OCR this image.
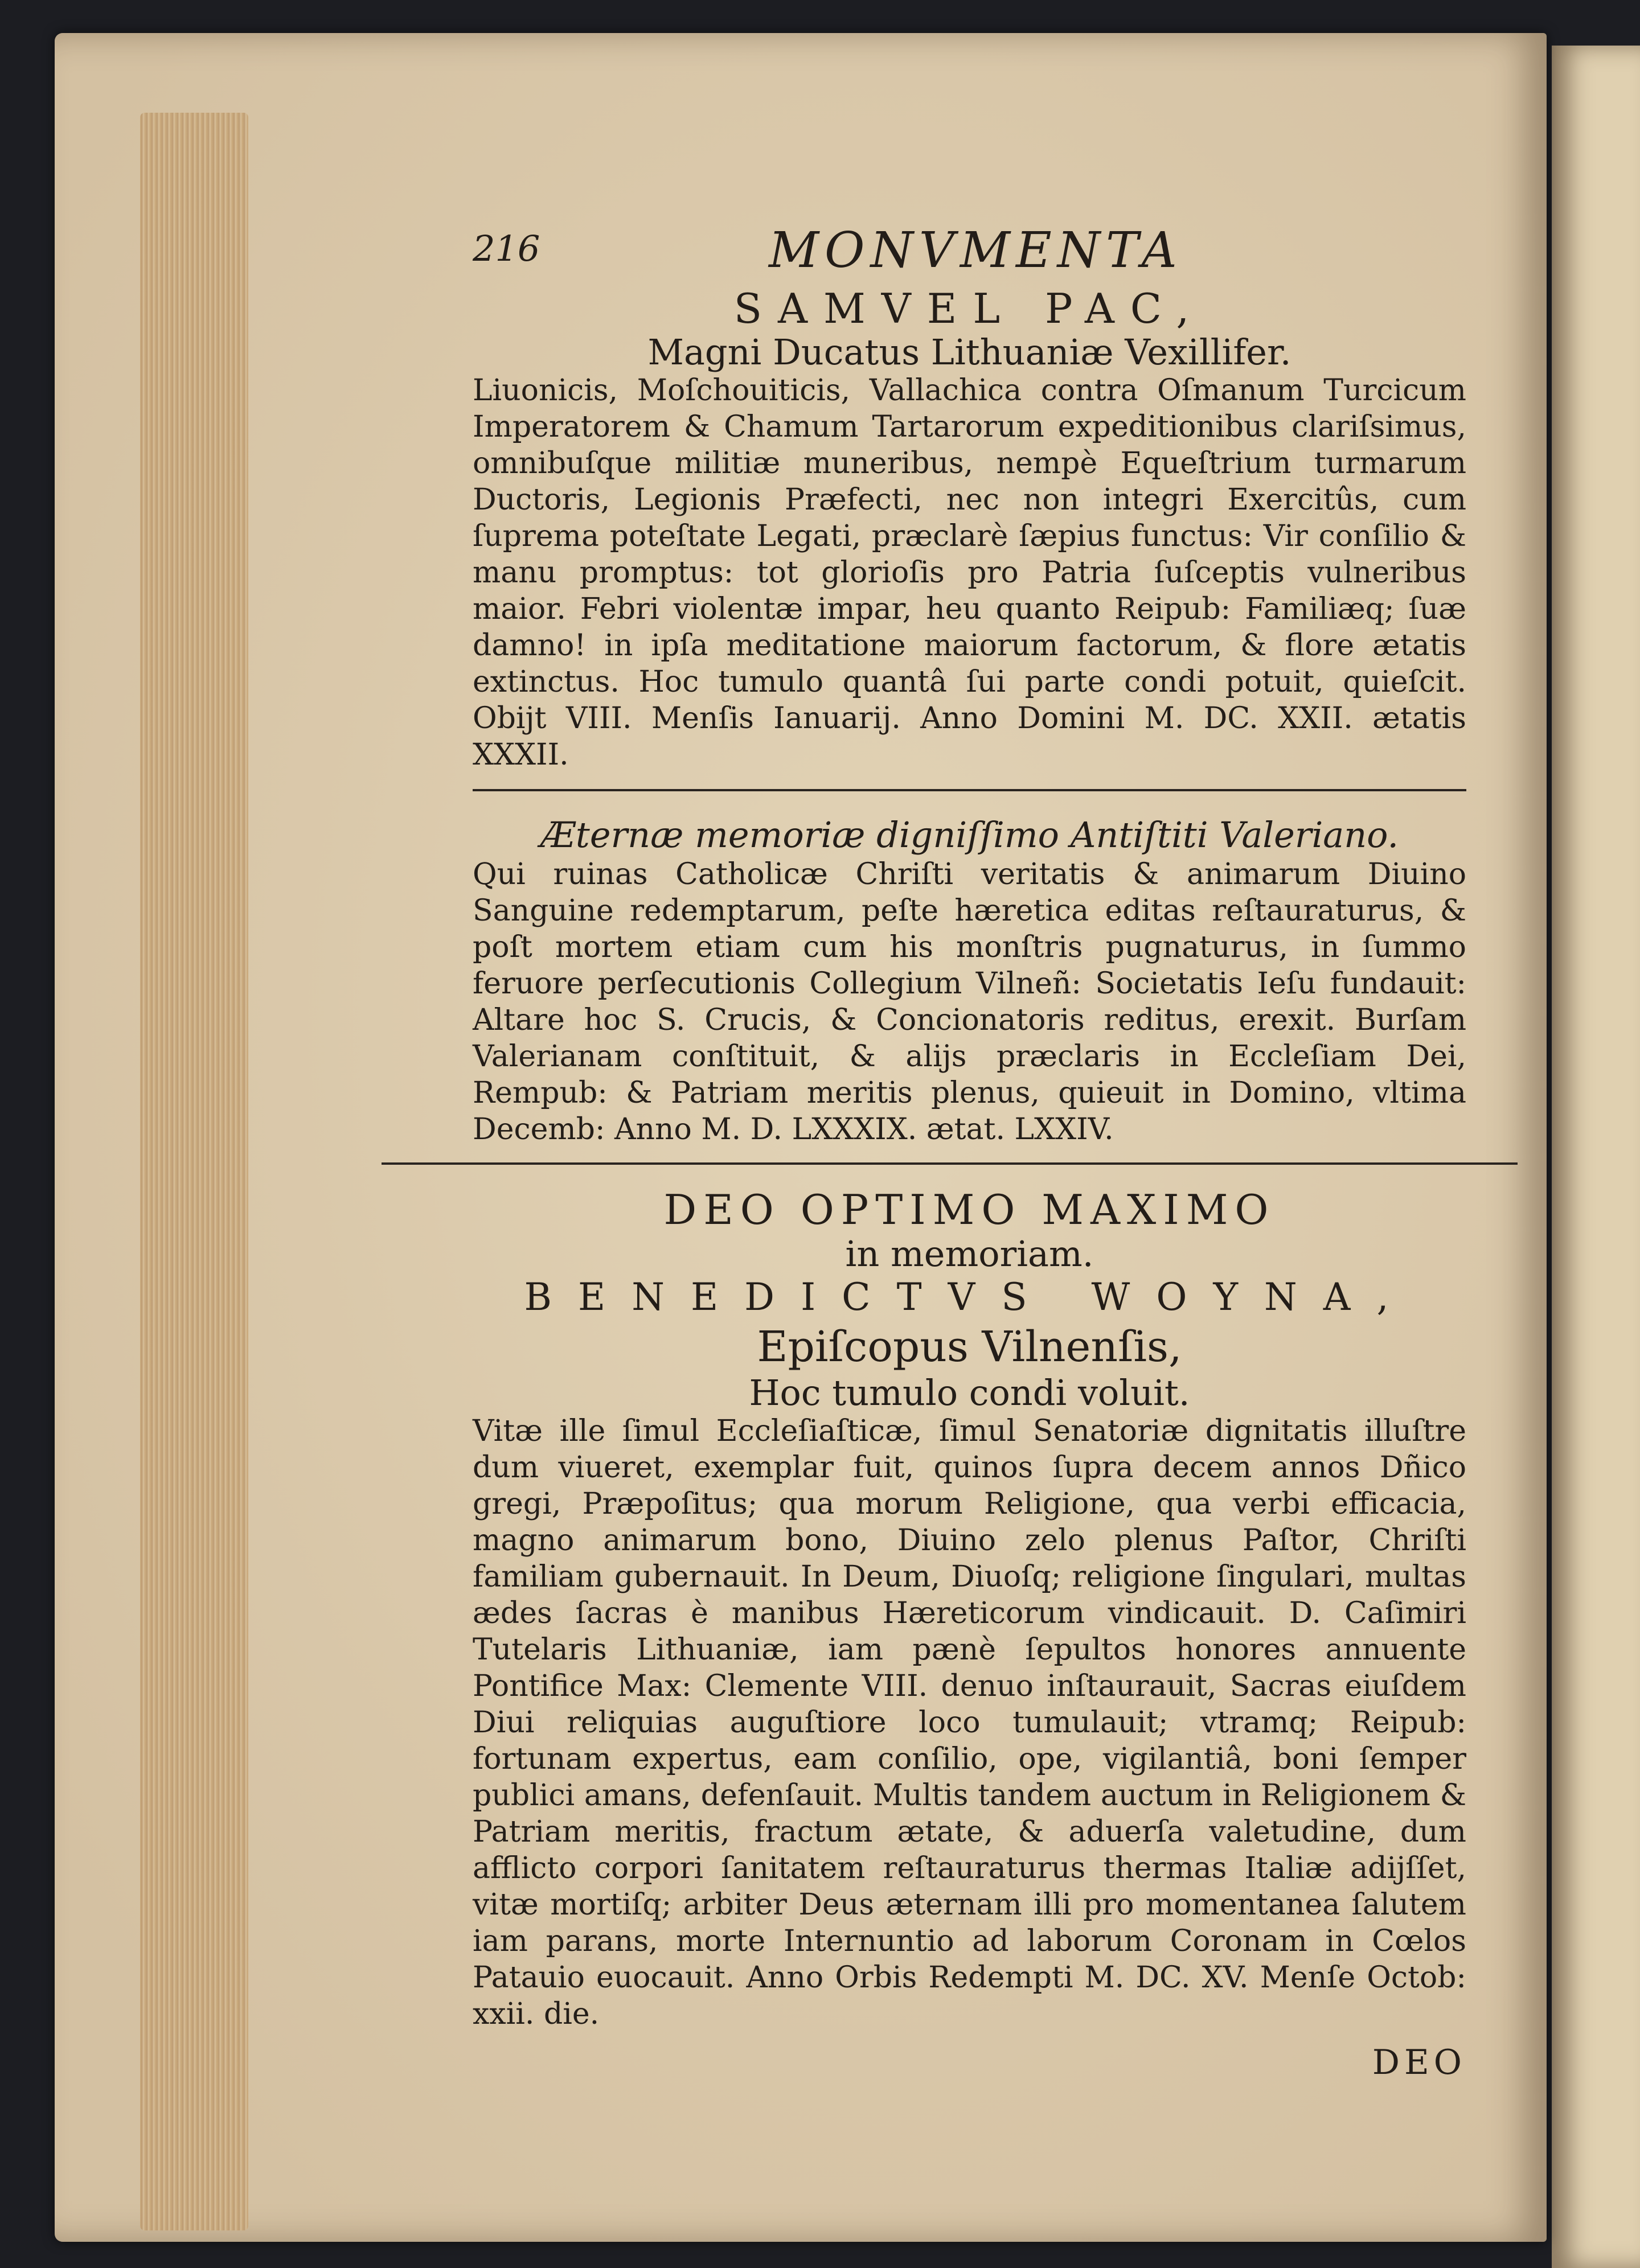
216	MONVMENTA

SAMVEL PAC,

Magni Ducatus Lithuaniæ Vexillifer.

Liuonicis, Moſchouiticis, Vallachica contra Oſmanum Turcicum Imperatorem & Chamum Tartarorum expeditionibus clariſsimus, omnibuſque militiæ muneribus, nempè Equeſtrium turmarum Ductoris, Legionis Præfecti, nec non integri Exercitûs, cum ſuprema poteſtate Legati, præclarè ſæpius functus: Vir conſilio & manu promptus: tot glorioſis pro Patria ſuſceptis vulneribus maior. Febri violentæ impar, heu quanto Reipub: Familiæq; ſuæ damno! in ipſa meditatione maiorum factorum, & flore ætatis extinctus. Hoc tumulo quantâ ſui parte condi potuit, quieſcit. Obijt VIII. Menſis Ianuarij. Anno Domini M. DC. XXII. ætatis XXXII.

Æternæ memoriæ digniſſimo Antiſtiti Valeriano.

Qui ruinas Catholicæ Chriſti veritatis & animarum Diuino Sanguine redemptarum, peſte hæretica editas reſtauraturus, & poſt mortem etiam cum his monſtris pugnaturus, in ſummo feruore perſecutionis Collegium Vilneñ: Societatis Ieſu fundauit: Altare hoc S. Crucis, & Concionatoris reditus, erexit. Burſam Valerianam conſtituit, & alijs præclaris in Eccleſiam Dei, Rempub: & Patriam meritis plenus, quieuit in Domino, vltima Decemb: Anno M. D. LXXXIX. ætat. LXXIV.

DEO OPTIMO MAXIMO

in memoriam.

BENEDICTVS WOYNA,

Epiſcopus Vilnenſis,

Hoc tumulo condi voluit.

Vitæ ille ſimul Eccleſiaſticæ, ſimul Senatoriæ dignitatis illuſtre dum viueret, exemplar fuit, quinos ſupra decem annos Dñico gregi, Præpoſitus; qua morum Religione, qua verbi efficacia, magno animarum bono, Diuino zelo plenus Paſtor, Chriſti familiam gubernauit. In Deum, Diuoſq; religione ſingulari, multas ædes ſacras è manibus Hæreticorum vindicauit. D. Caſimiri Tutelaris Lithuaniæ, iam pænè ſepultos honores annuente Pontifice Max: Clemente VIII. denuo inſtaurauit, Sacras eiuſdem Diui reliquias auguſtiore loco tumulauit; vtramq; Reipub: fortunam expertus, eam conſilio, ope, vigilantiâ, boni ſemper publici amans, defenſauit. Multis tandem auctum in Religionem & Patriam meritis, fractum ætate, & aduerſa valetudine, dum afflicto corpori ſanitatem reſtauraturus thermas Italiæ adijſſet, vitæ mortiſq; arbiter Deus æternam illi pro momentanea ſalutem iam parans, morte Internuntio ad laborum Coronam in Cœlos Patauio euocauit. Anno Orbis Redempti M. DC. XV. Menſe Octob: xxii. die.

DEO
